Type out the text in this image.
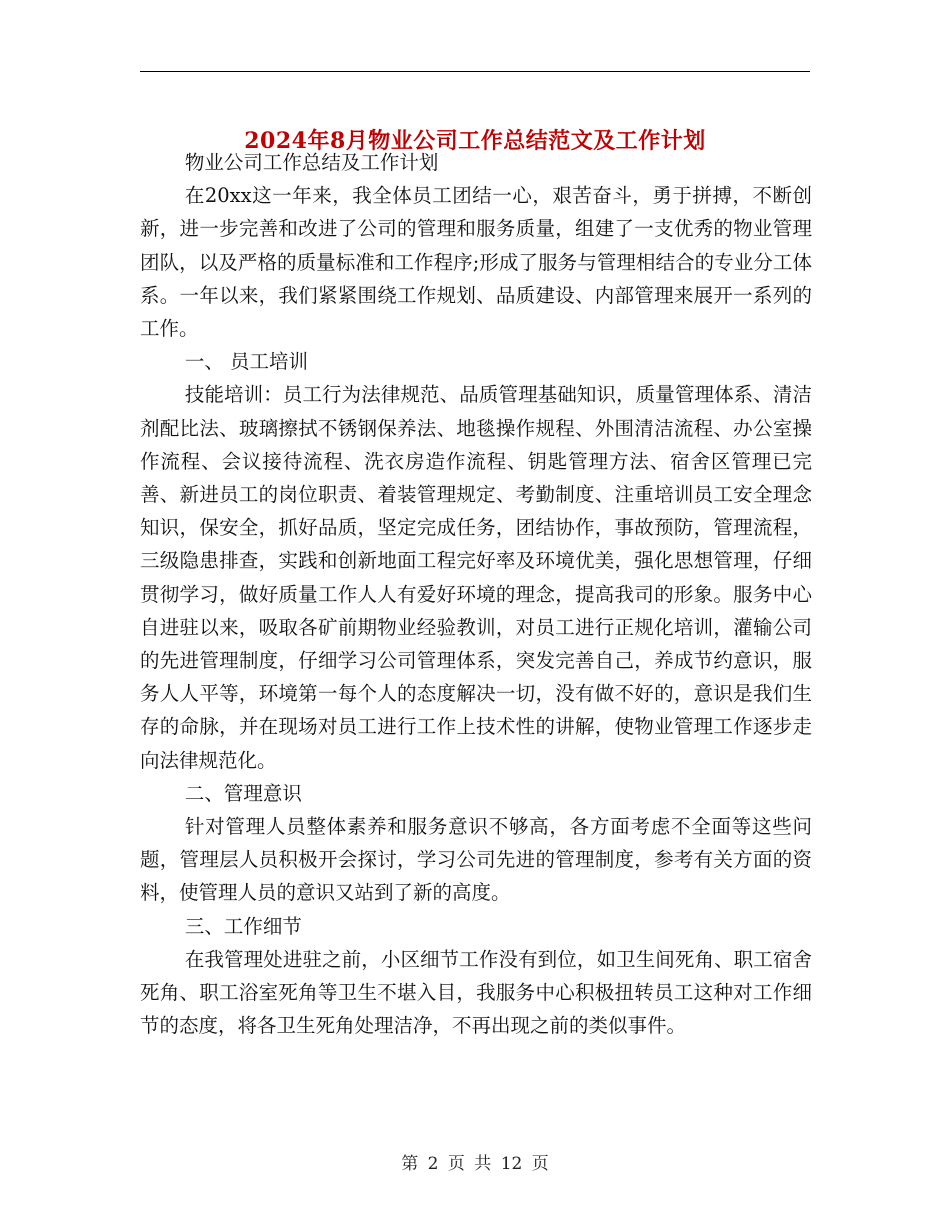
2024年8月物业公司工作总结范文及工作计划

物业公司工作总结及工作计划

在20xx这一年来，我全体员工团结一心，艰苦奋斗，勇于拼搏，不断创新，进一步完善和改进了公司的管理和服务质量，组建了一支优秀的物业管理团队，以及严格的质量标准和工作程序;形成了服务与管理相结合的专业分工体系。一年以来，我们紧紧围绕工作规划、品质建设、内部管理来展开一系列的工作。

一、 员工培训

技能培训：员工行为法律规范、品质管理基础知识，质量管理体系、清洁剂配比法、玻璃擦拭不锈钢保养法、地毯操作规程、外围清洁流程、办公室操作流程、会议接待流程、洗衣房造作流程、钥匙管理方法、宿舍区管理已完善、新进员工的岗位职责、着装管理规定、考勤制度、注重培训员工安全理念知识，保安全，抓好品质，坚定完成任务，团结协作，事故预防，管理流程，三级隐患排查，实践和创新地面工程完好率及环境优美，强化思想管理，仔细贯彻学习，做好质量工作人人有爱好环境的理念，提高我司的形象。服务中心自进驻以来，吸取各矿前期物业经验教训，对员工进行正规化培训，灌输公司的先进管理制度，仔细学习公司管理体系，突发完善自己，养成节约意识，服务人人平等，环境第一每个人的态度解决一切，没有做不好的，意识是我们生存的命脉，并在现场对员工进行工作上技术性的讲解，使物业管理工作逐步走向法律规范化。

二、管理意识

针对管理人员整体素养和服务意识不够高，各方面考虑不全面等这些问题，管理层人员积极开会探讨，学习公司先进的管理制度，参考有关方面的资料，使管理人员的意识又站到了新的高度。

三、工作细节

在我管理处进驻之前，小区细节工作没有到位，如卫生间死角、职工宿舍死角、职工浴室死角等卫生不堪入目，我服务中心积极扭转员工这种对工作细节的态度，将各卫生死角处理洁净，不再出现之前的类似事件。

第 2 页 共 12 页
